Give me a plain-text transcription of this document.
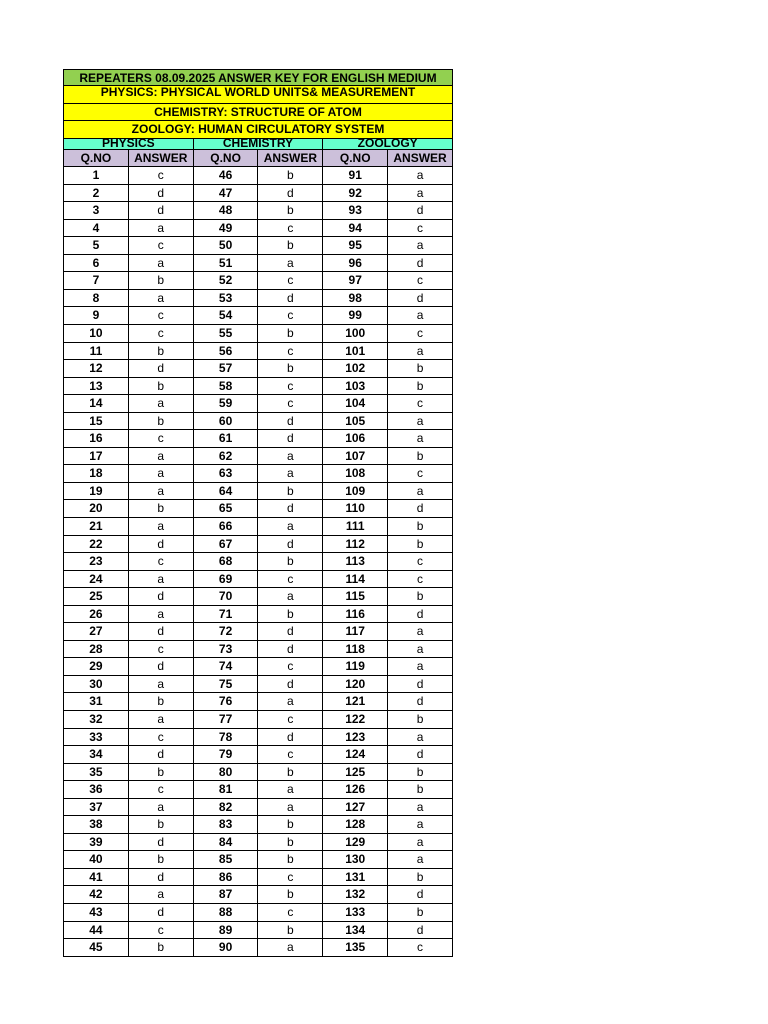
REPEATERS 08.09.2025 ANSWER KEY FOR ENGLISH MEDIUM
PHYSICS: PHYSICAL WORLD UNITS& MEASUREMENT
CHEMISTRY: STRUCTURE OF ATOM
ZOOLOGY: HUMAN CIRCULATORY SYSTEM
PHYSICS	CHEMISTRY	ZOOLOGY
Q.NO	ANSWER	Q.NO	ANSWER	Q.NO	ANSWER
1	c	46	b	91	a
2	d	47	d	92	a
3	d	48	b	93	d
4	a	49	c	94	c
5	c	50	b	95	a
6	a	51	a	96	d
7	b	52	c	97	c
8	a	53	d	98	d
9	c	54	c	99	a
10	c	55	b	100	c
11	b	56	c	101	a
12	d	57	b	102	b
13	b	58	c	103	b
14	a	59	c	104	c
15	b	60	d	105	a
16	c	61	d	106	a
17	a	62	a	107	b
18	a	63	a	108	c
19	a	64	b	109	a
20	b	65	d	110	d
21	a	66	a	111	b
22	d	67	d	112	b
23	c	68	b	113	c
24	a	69	c	114	c
25	d	70	a	115	b
26	a	71	b	116	d
27	d	72	d	117	a
28	c	73	d	118	a
29	d	74	c	119	a
30	a	75	d	120	d
31	b	76	a	121	d
32	a	77	c	122	b
33	c	78	d	123	a
34	d	79	c	124	d
35	b	80	b	125	b
36	c	81	a	126	b
37	a	82	a	127	a
38	b	83	b	128	a
39	d	84	b	129	a
40	b	85	b	130	a
41	d	86	c	131	b
42	a	87	b	132	d
43	d	88	c	133	b
44	c	89	b	134	d
45	b	90	a	135	c
